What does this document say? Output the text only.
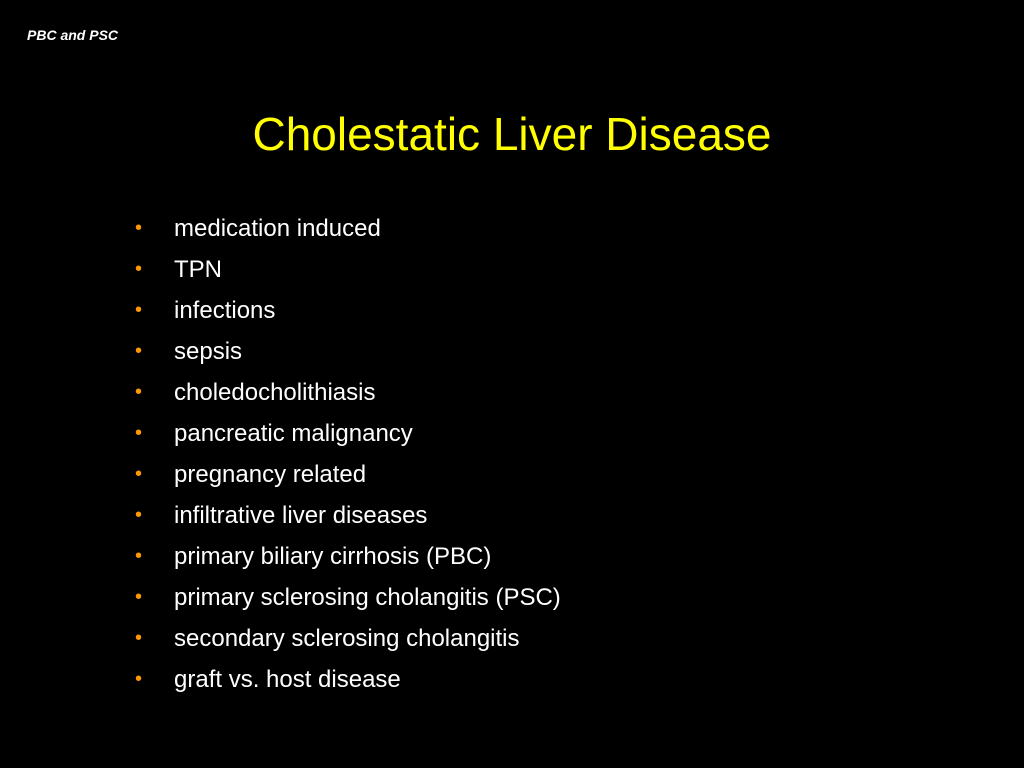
PBC and PSC
Cholestatic Liver Disease
•	medication induced
•	TPN
•	infections
•	sepsis
•	choledocholithiasis
•	pancreatic malignancy
•	pregnancy related
•	infiltrative liver diseases
•	primary biliary cirrhosis (PBC)
•	primary sclerosing cholangitis (PSC)
•	secondary sclerosing cholangitis
•	graft vs. host disease
